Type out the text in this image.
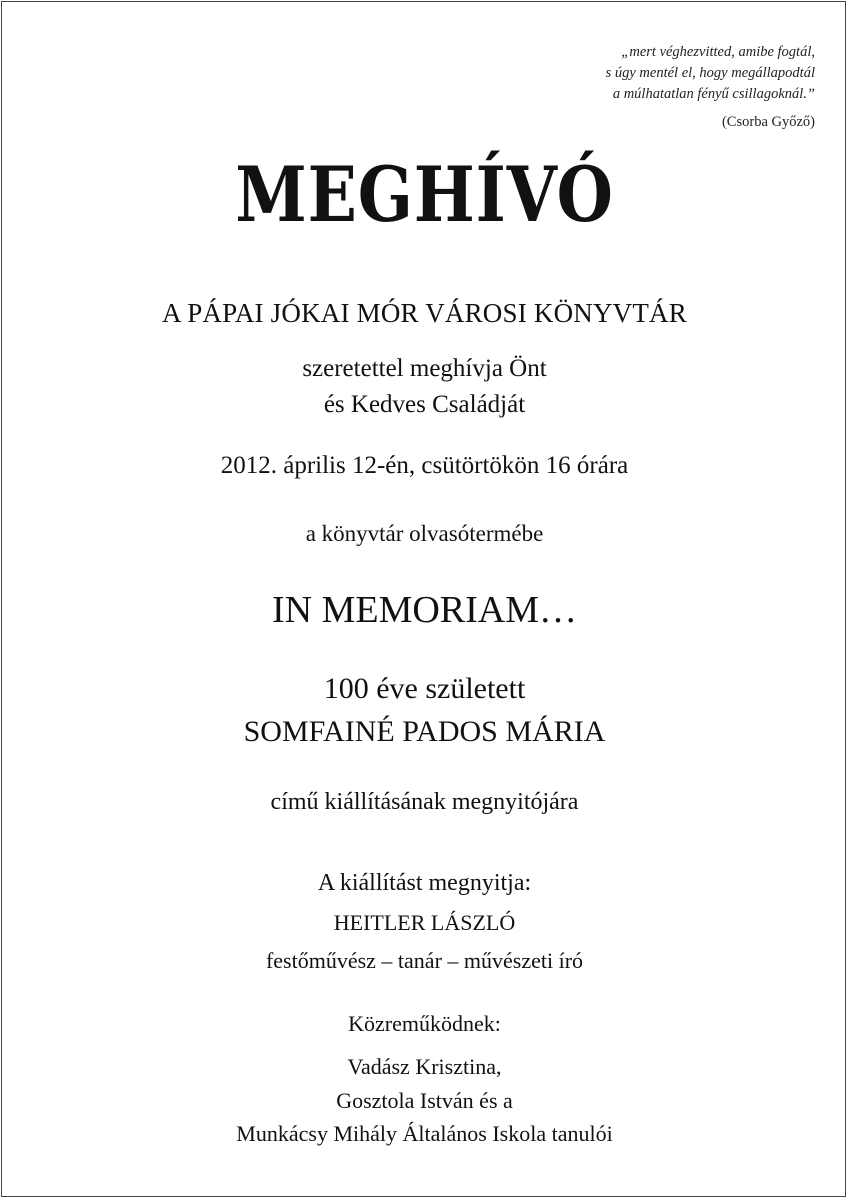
„mert véghezvitted, amibe fogtál,
s úgy mentél el, hogy megállapodtál
a múlhatatlan fényű csillagoknál.”
(Csorba Győző)
MEGHÍVÓ
A PÁPAI JÓKAI MÓR VÁROSI KÖNYVTÁR
szeretettel meghívja Önt
és Kedves Családját
2012. április 12-én, csütörtökön 16 órára
a könyvtár olvasótermébe
IN MEMORIAM…
100 éve született
SOMFAINÉ PADOS MÁRIA
című kiállításának megnyitójára
A kiállítást megnyitja:
HEITLER LÁSZLÓ
festőművész – tanár – művészeti író
Közreműködnek:
Vadász Krisztina,
Gosztola István és a
Munkácsy Mihály Általános Iskola tanulói
